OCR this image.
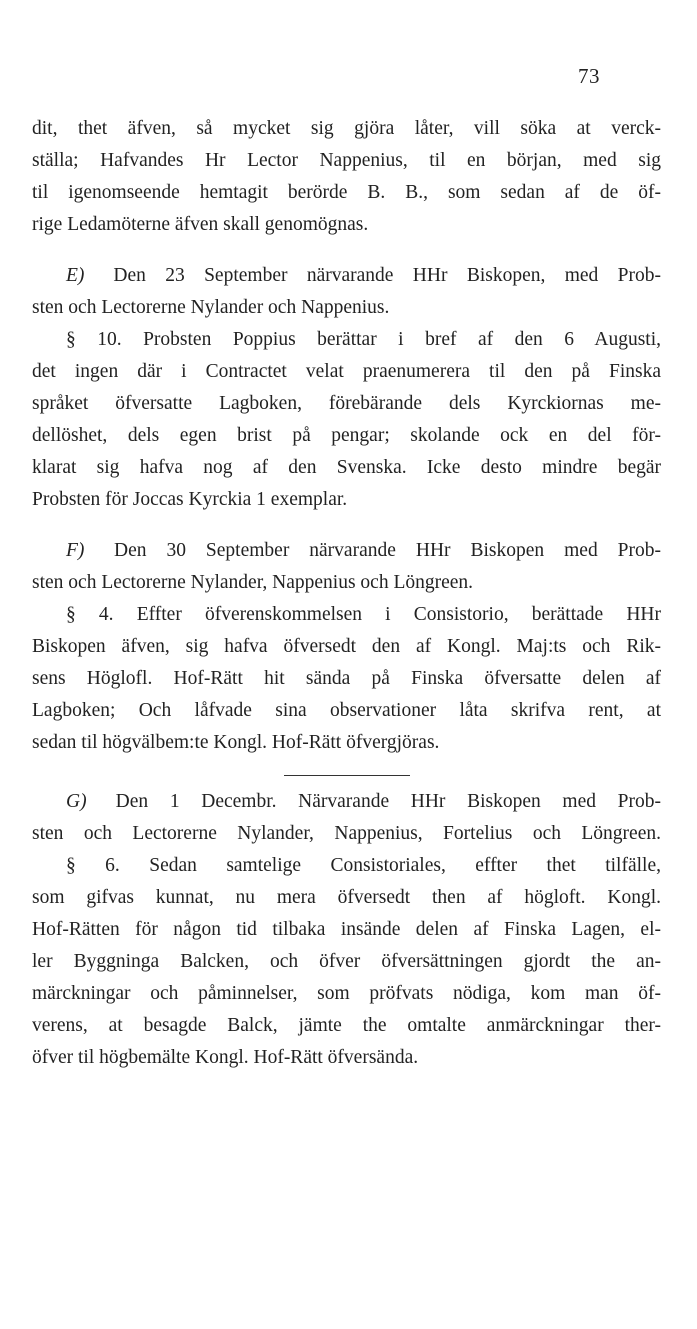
73
dit, thet äfven, så mycket sig gjöra låter, vill söka at verck-
ställa; Hafvandes Hr Lector Nappenius, til en början, med sig
til igenomseende hemtagit berörde B. B., som sedan af de öf-
rige Ledamöterne äfven skall genomögnas.
E) Den 23 September närvarande HHr Biskopen, med Prob-
sten och Lectorerne Nylander och Nappenius.
§ 10. Probsten Poppius berättar i bref af den 6 Augusti,
det ingen där i Contractet velat praenumerera til den på Finska
språket öfversatte Lagboken, förebärande dels Kyrckiornas me-
dellöshet, dels egen brist på pengar; skolande ock en del för-
klarat sig hafva nog af den Svenska. Icke desto mindre begär
Probsten för Joccas Kyrckia 1 exemplar.
F) Den 30 September närvarande HHr Biskopen med Prob-
sten och Lectorerne Nylander, Nappenius och Löngreen.
§ 4. Effter öfverenskommelsen i Consistorio, berättade HHr
Biskopen äfven, sig hafva öfversedt den af Kongl. Maj:ts och Rik-
sens Höglofl. Hof-Rätt hit sända på Finska öfversatte delen af
Lagboken; Och låfvade sina observationer låta skrifva rent, at
sedan til högvälbem:te Kongl. Hof-Rätt öfvergjöras.
G) Den 1 Decembr. Närvarande HHr Biskopen med Prob-
sten och Lectorerne Nylander, Nappenius, Fortelius och Löngreen.
§ 6. Sedan samtelige Consistoriales, effter thet tilfälle,
som gifvas kunnat, nu mera öfversedt then af högloft. Kongl.
Hof-Rätten för någon tid tilbaka insände delen af Finska Lagen, el-
ler Byggninga Balcken, och öfver öfversättningen gjordt the an-
märckningar och påminnelser, som pröfvats nödiga, kom man öf-
verens, at besagde Balck, jämte the omtalte anmärckningar ther-
öfver til högbemälte Kongl. Hof-Rätt öfversända.
